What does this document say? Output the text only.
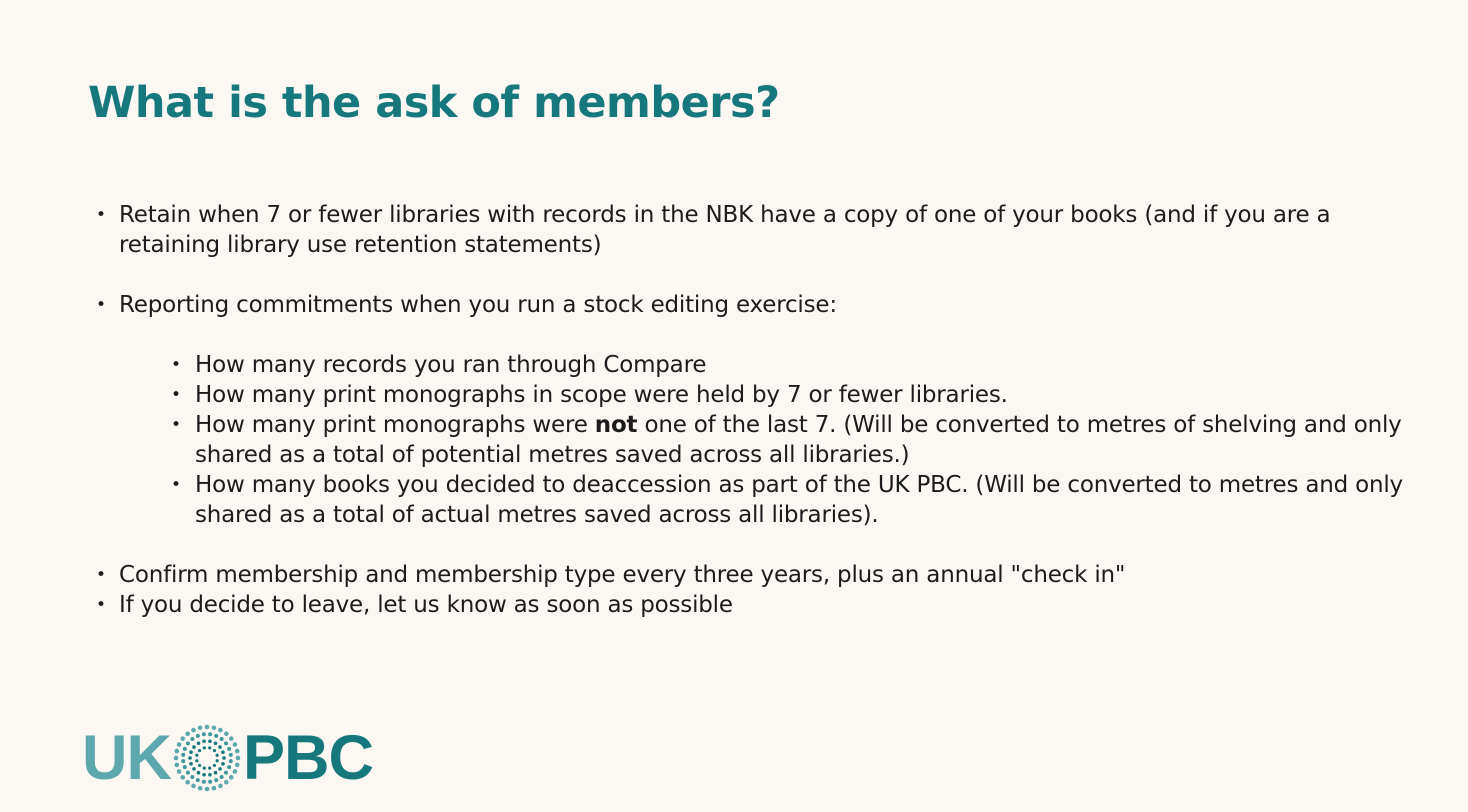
What is the ask of members?
• Retain when 7 or fewer libraries with records in the NBK have a copy of one of your books (and if you are a retaining library use retention statements)
• Reporting commitments when you run a stock editing exercise:
• How many records you ran through Compare
• How many print monographs in scope were held by 7 or fewer libraries.
• How many print monographs were not one of the last 7. (Will be converted to metres of shelving and only shared as a total of potential metres saved across all libraries.)
• How many books you decided to deaccession as part of the UK PBC. (Will be converted to metres and only shared as a total of actual metres saved across all libraries).
• Confirm membership and membership type every three years, plus an annual "check in"
• If you decide to leave, let us know as soon as possible
UK PBC
